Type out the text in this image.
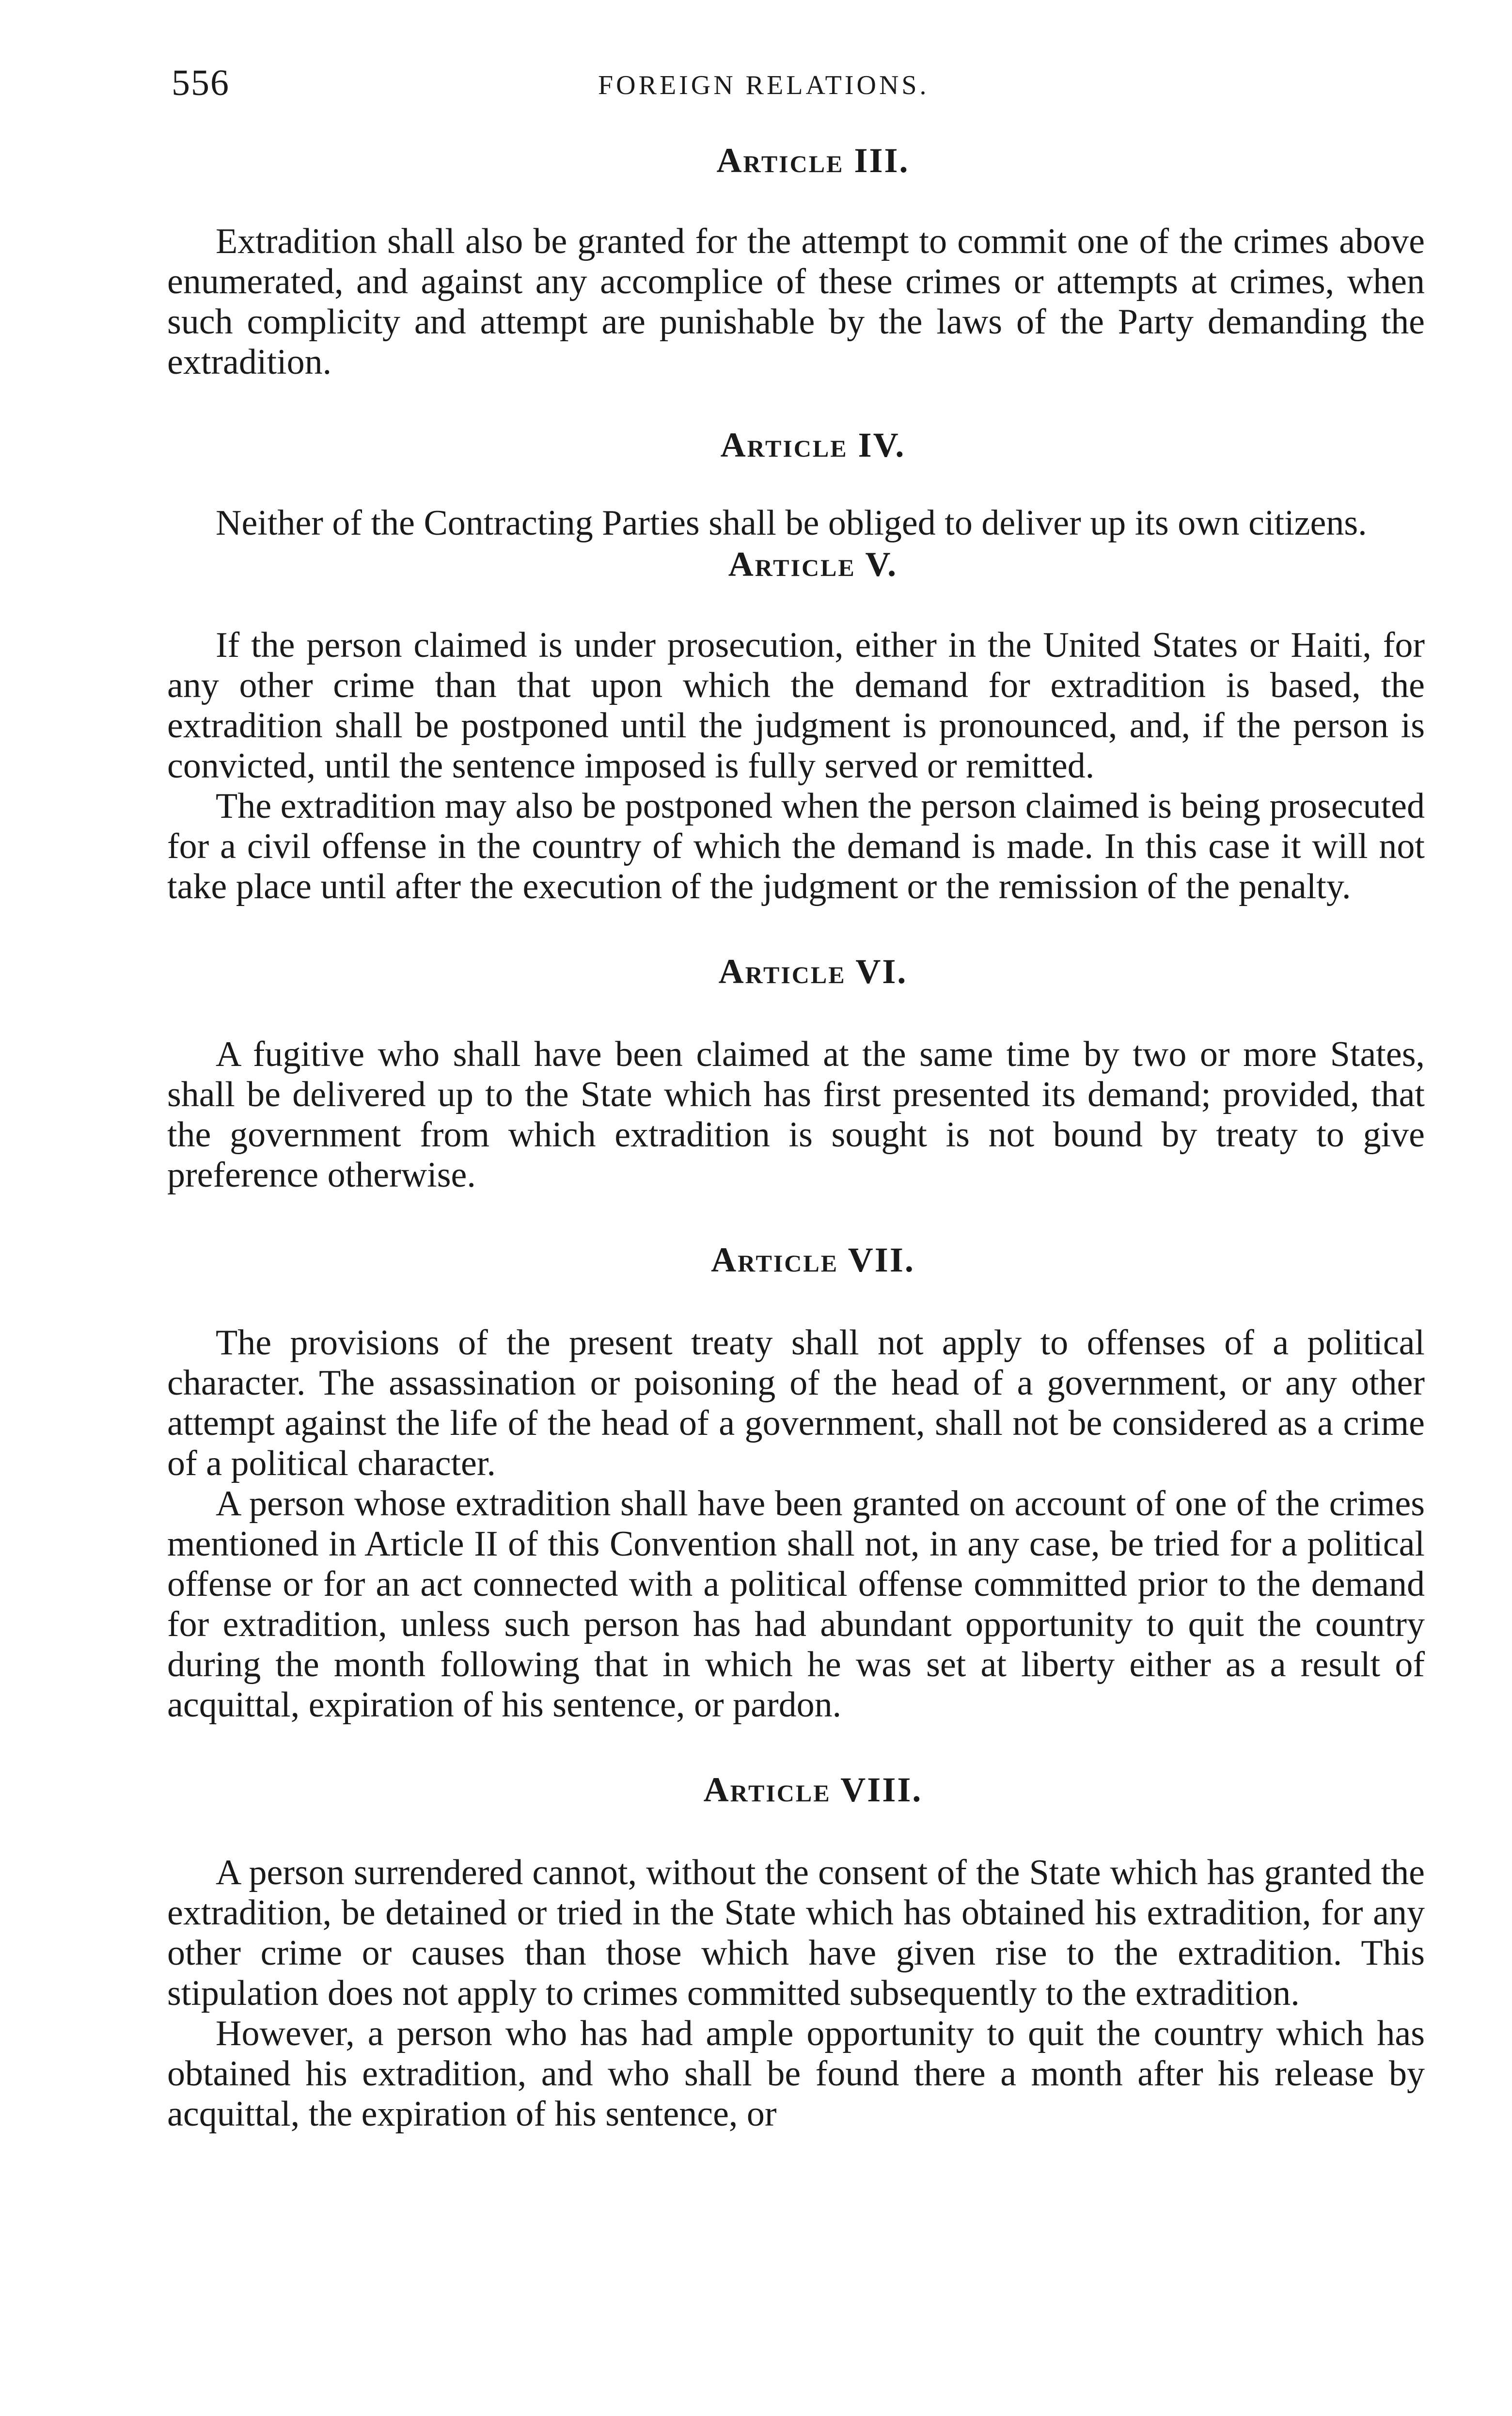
556	FOREIGN RELATIONS.
Article III.

Extradition shall also be granted for the attempt to commit one of the crimes above enumerated, and against any accomplice of these crimes or attempts at crimes, when such complicity and attempt are punishable by the laws of the Party demanding the extradition.

Article IV.

Neither of the Contracting Parties shall be obliged to deliver up its own citizens.

Article V.

If the person claimed is under prosecution, either in the United States or Haiti, for any other crime than that upon which the demand for extradition is based, the extradition shall be postponed until the judgment is pronounced, and, if the person is convicted, until the sentence imposed is fully served or remitted.

The extradition may also be postponed when the person claimed is being prosecuted for a civil offense in the country of which the demand is made. In this case it will not take place until after the execution of the judgment or the remission of the penalty.

Article VI.

A fugitive who shall have been claimed at the same time by two or more States, shall be delivered up to the State which has first presented its demand; provided, that the government from which extradition is sought is not bound by treaty to give preference otherwise.

Article VII.

The provisions of the present treaty shall not apply to offenses of a political character. The assassination or poisoning of the head of a government, or any other attempt against the life of the head of a government, shall not be considered as a crime of a political character.

A person whose extradition shall have been granted on account of one of the crimes mentioned in Article II of this Convention shall not, in any case, be tried for a political offense or for an act connected with a political offense committed prior to the demand for extradition, unless such person has had abundant opportunity to quit the country during the month following that in which he was set at liberty either as a result of acquittal, expiration of his sentence, or pardon.

Article VIII.

A person surrendered cannot, without the consent of the State which has granted the extradition, be detained or tried in the State which has obtained his extradition, for any other crime or causes than those which have given rise to the extradition. This stipulation does not apply to crimes committed subsequently to the extradition.

However, a person who has had ample opportunity to quit the country which has obtained his extradition, and who shall be found there a month after his release by acquittal, the expiration of his sentence, or
